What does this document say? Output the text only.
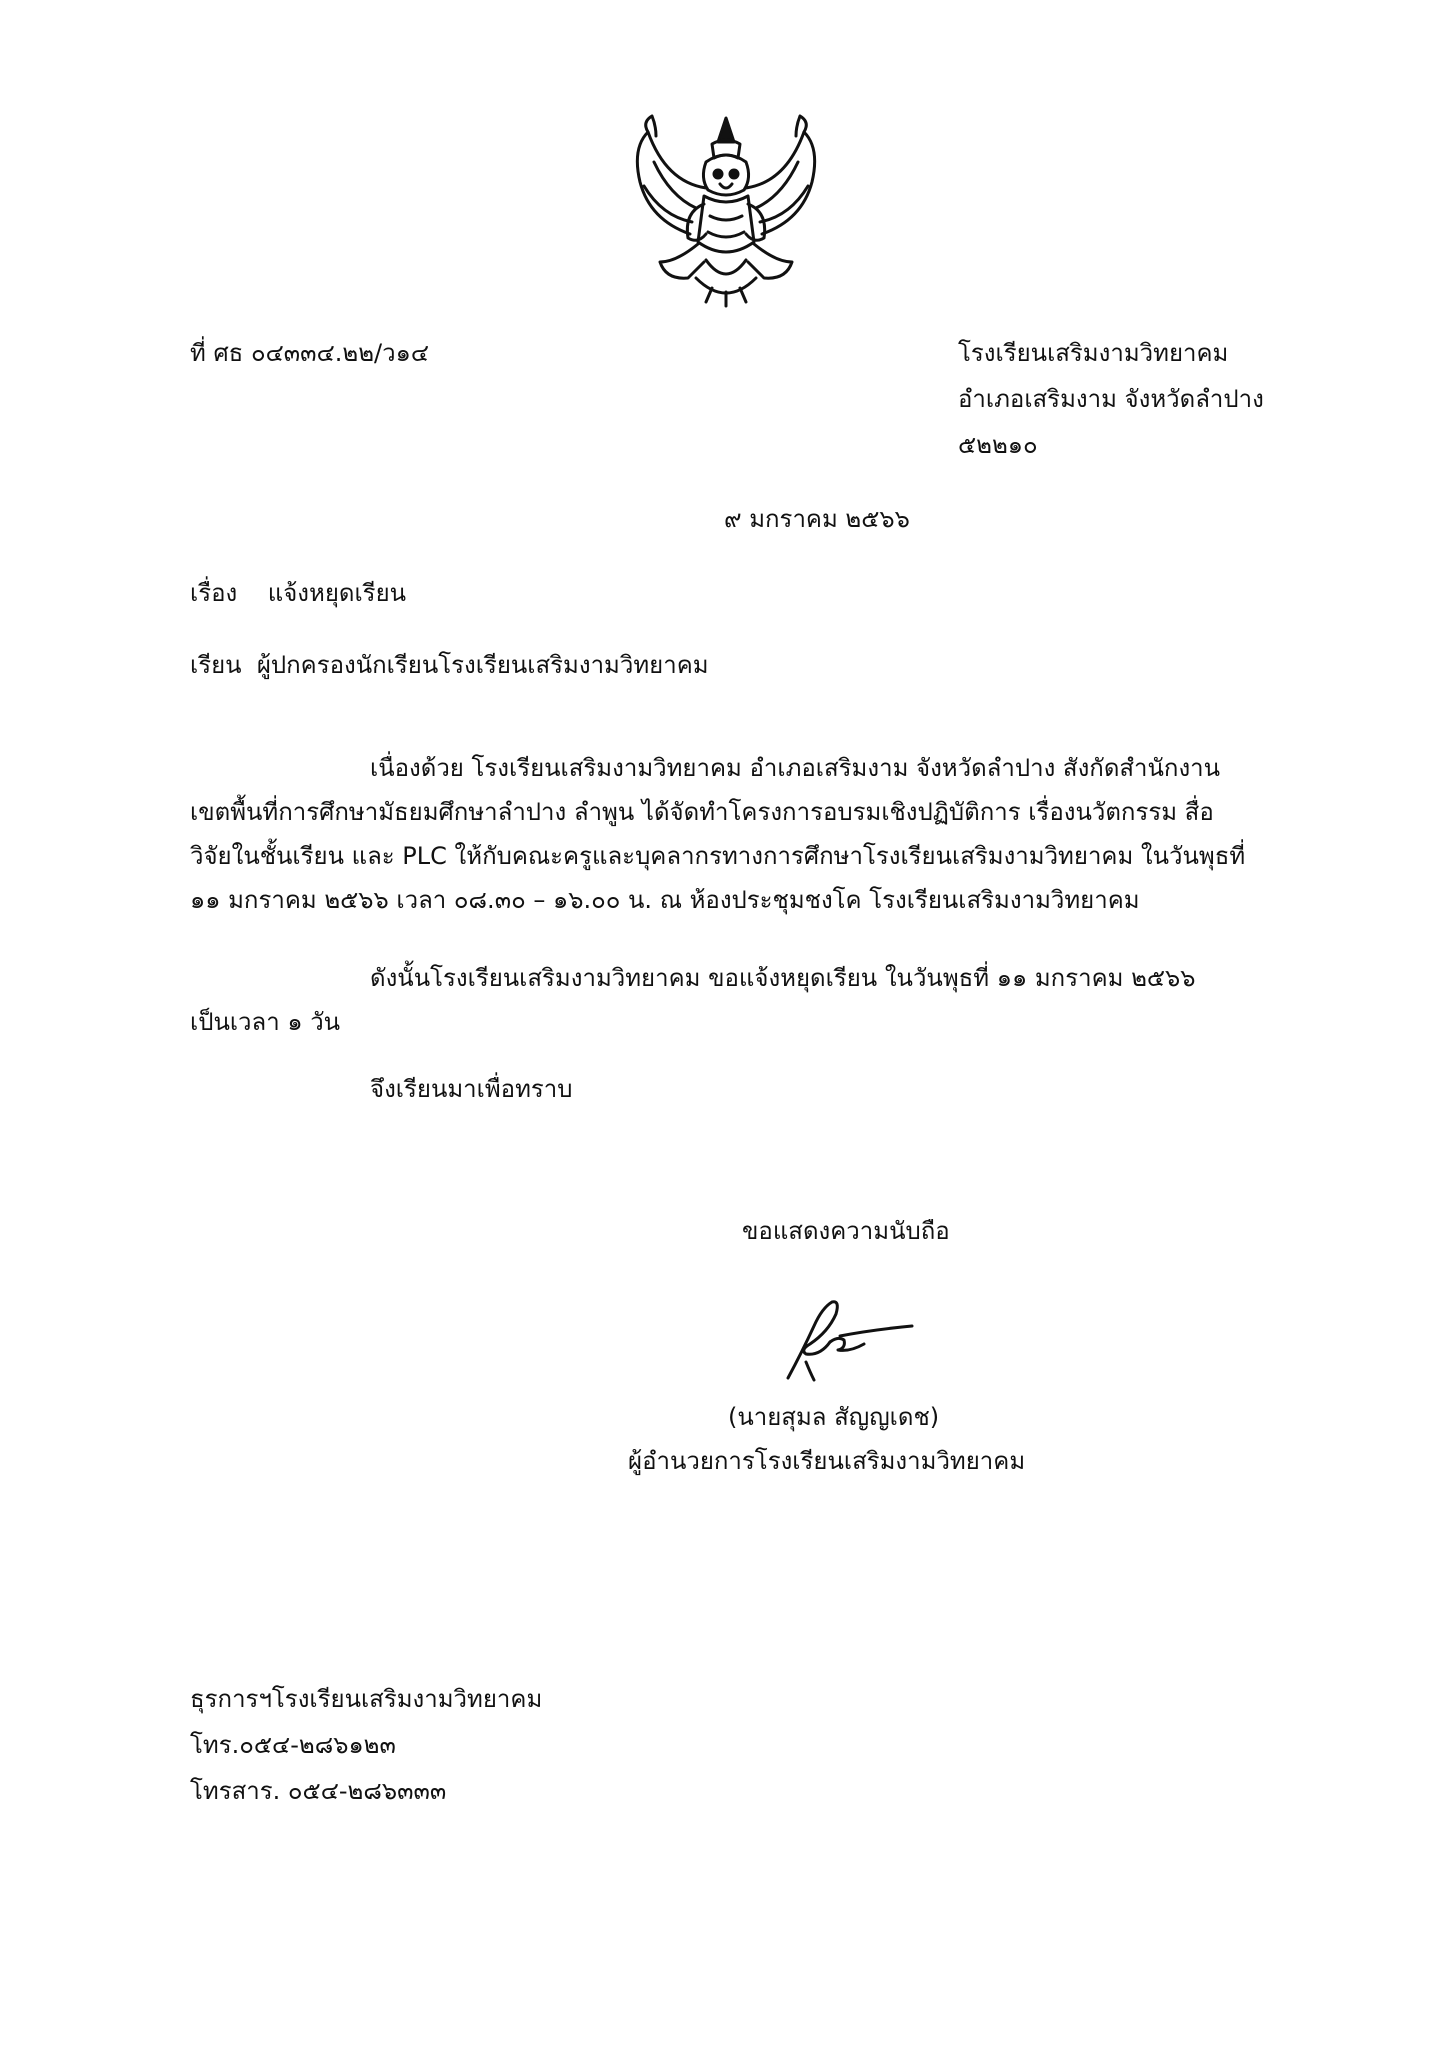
ที่ ศธ ๐๔๓๓๔.๒๒/ว๑๔	โรงเรียนเสริมงามวิทยาคม
อำเภอเสริมงาม จังหวัดลำปาง
๕๒๒๑๐
๙ มกราคม ๒๕๖๖
เรื่อง แจ้งหยุดเรียน
เรียน ผู้ปกครองนักเรียนโรงเรียนเสริมงามวิทยาคม
เนื่องด้วย โรงเรียนเสริมงามวิทยาคม อำเภอเสริมงาม จังหวัดลำปาง สังกัดสำนักงาน
เขตพื้นที่การศึกษามัธยมศึกษาลำปาง ลำพูน ได้จัดทำโครงการอบรมเชิงปฏิบัติการ เรื่องนวัตกรรม สื่อ
วิจัยในชั้นเรียน และ PLC ให้กับคณะครูและบุคลากรทางการศึกษาโรงเรียนเสริมงามวิทยาคม ในวันพุธที่
๑๑ มกราคม ๒๕๖๖ เวลา ๐๘.๓๐ – ๑๖.๐๐ น. ณ ห้องประชุมชงโค โรงเรียนเสริมงามวิทยาคม
ดังนั้นโรงเรียนเสริมงามวิทยาคม ขอแจ้งหยุดเรียน ในวันพุธที่ ๑๑ มกราคม ๒๕๖๖
เป็นเวลา ๑ วัน
จึงเรียนมาเพื่อทราบ
ขอแสดงความนับถือ
(นายสุมล สัญญเดช)
ผู้อำนวยการโรงเรียนเสริมงามวิทยาคม
ธุรการฯโรงเรียนเสริมงามวิทยาคม
โทร.๐๕๔-๒๘๖๑๒๓
โทรสาร. ๐๕๔-๒๘๖๓๓๓
